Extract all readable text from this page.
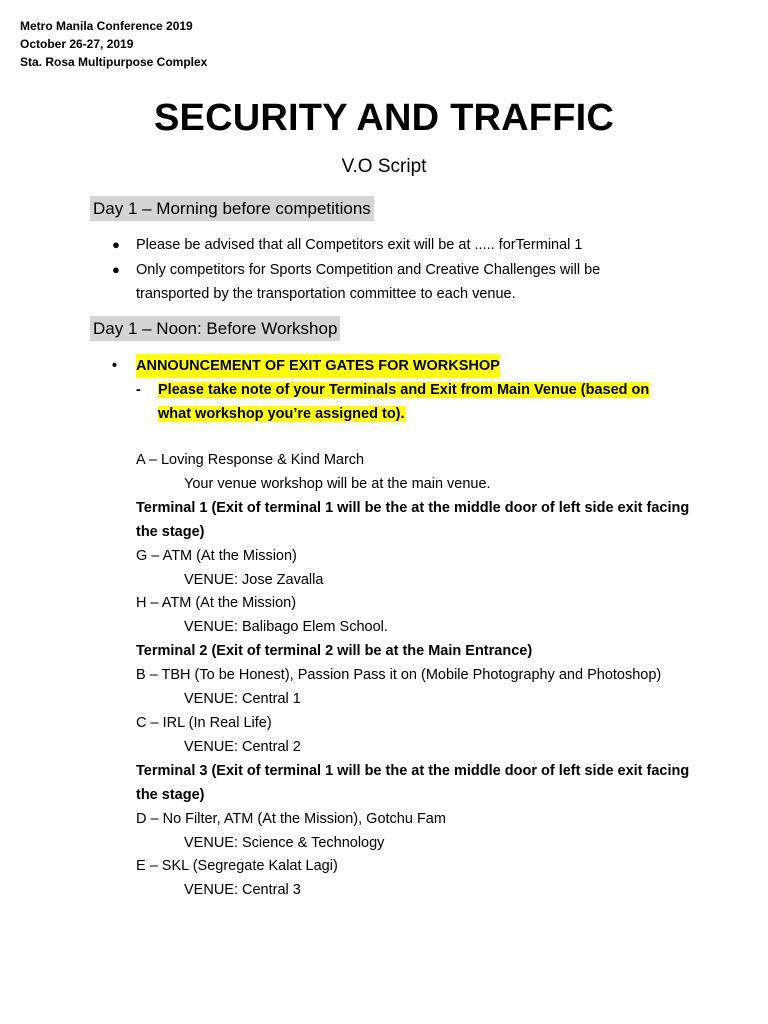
Metro Manila Conference 2019
October 26-27, 2019
Sta. Rosa Multipurpose Complex
SECURITY AND TRAFFIC
V.O Script
Day 1 – Morning before competitions
●	Please be advised that all Competitors exit will be at ..... forTerminal 1
●	Only competitors for Sports Competition and Creative Challenges will be transported by the transportation committee to each venue.
Day 1 – Noon: Before Workshop
•	ANNOUNCEMENT OF EXIT GATES FOR WORKSHOP
-	Please take note of your Terminals and Exit from Main Venue (based on what workshop you’re assigned to).
A – Loving Response & Kind March
Your venue workshop will be at the main venue.
Terminal 1 (Exit of terminal 1 will be the at the middle door of left side exit facing the stage)
G – ATM (At the Mission)
VENUE: Jose Zavalla
H – ATM (At the Mission)
VENUE: Balibago Elem School.
Terminal 2 (Exit of terminal 2 will be at the Main Entrance)
B – TBH (To be Honest), Passion Pass it on (Mobile Photography and Photoshop)
VENUE: Central 1
C – IRL (In Real Life)
VENUE: Central 2
Terminal 3 (Exit of terminal 1 will be the at the middle door of left side exit facing the stage)
D – No Filter, ATM (At the Mission), Gotchu Fam
VENUE: Science & Technology
E – SKL (Segregate Kalat Lagi)
VENUE: Central 3
